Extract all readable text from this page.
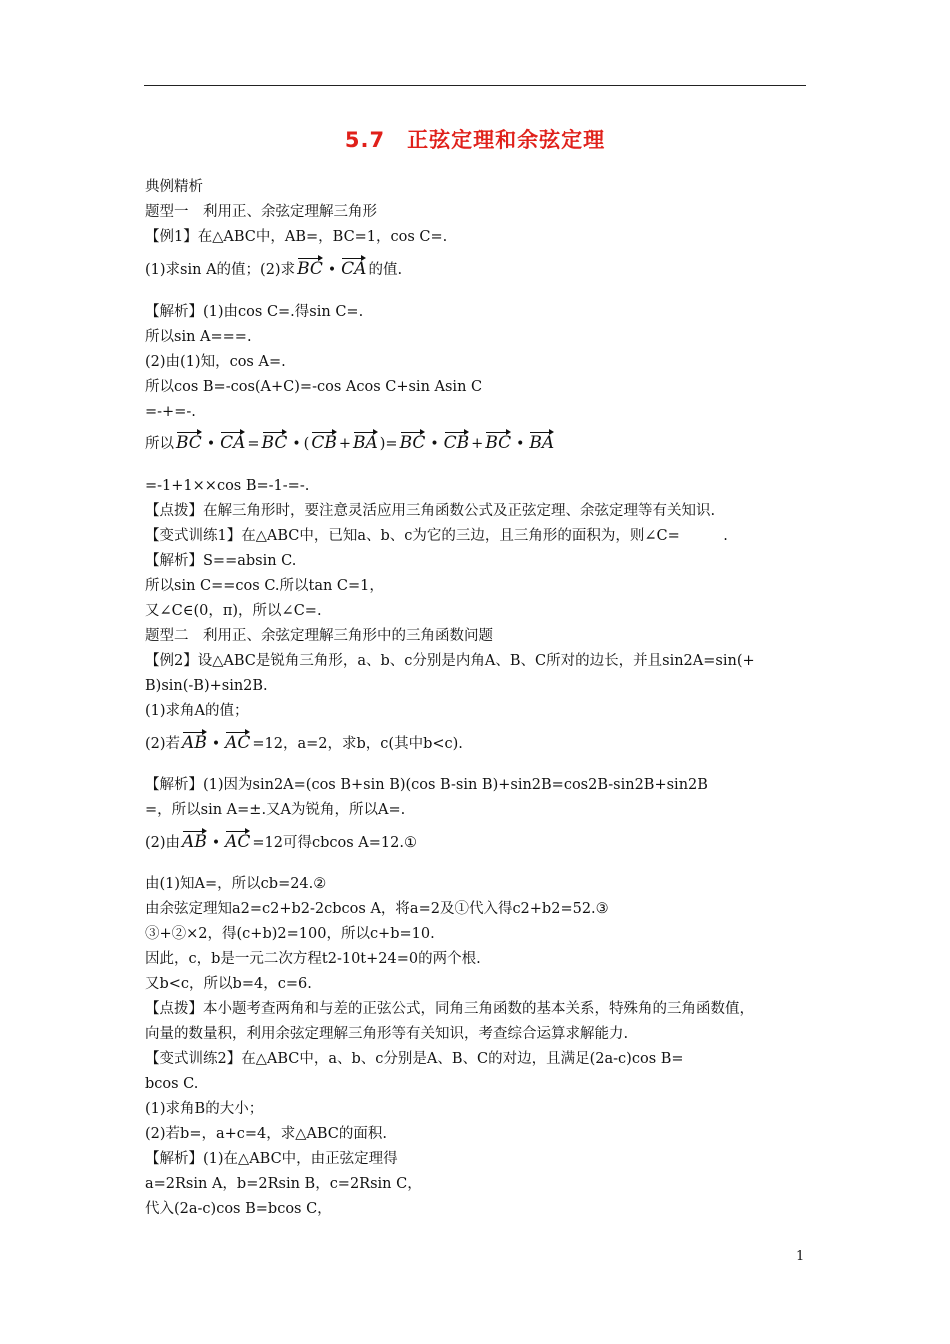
5.7　正弦定理和余弦定理
典例精析
题型一　利用正、余弦定理解三角形
【例1】在△ABC中，AB=，BC=1，cos C=.
(1)求sin A的值；(2)求 BC • CA 的值.
【解析】(1)由cos C=.得sin C=.
所以sin A===.
(2)由(1)知，cos A=.
所以cos B=-cos(A+C)=-cos Acos C+sin Asin C
=-+=-.
所以 BC • CA = BC • ( CB + BA )= BC • CB + BC • BA
=-1+1××cos B=-1-=-.
【点拨】在解三角形时，要注意灵活应用三角函数公式及正弦定理、余弦定理等有关知识.
【变式训练1】在△ABC中，已知a、b、c为它的三边，且三角形的面积为，则∠C=　　　.
【解析】S==absin C.
所以sin C==cos C.所以tan C=1，
又∠C∈(0，π)，所以∠C=.
题型二　利用正、余弦定理解三角形中的三角函数问题
【例2】设△ABC是锐角三角形，a、b、c分别是内角A、B、C所对的边长，并且sin2A=sin(+
B)sin(-B)+sin2B.
(1)求角A的值；
(2)若 AB • AC =12，a=2，求b，c(其中b<c).
【解析】(1)因为sin2A=(cos B+sin B)(cos B-sin B)+sin2B=cos2B-sin2B+sin2B
=，所以sin A=±.又A为锐角，所以A=.
(2)由 AB • AC =12可得cbcos A=12.①
由(1)知A=，所以cb=24.②
由余弦定理知a2=c2+b2-2cbcos A，将a=2及①代入得c2+b2=52.③
③+②×2，得(c+b)2=100，所以c+b=10.
因此，c，b是一元二次方程t2-10t+24=0的两个根.
又b<c，所以b=4，c=6.
【点拨】本小题考查两角和与差的正弦公式，同角三角函数的基本关系，特殊角的三角函数值，
向量的数量积，利用余弦定理解三角形等有关知识，考查综合运算求解能力.
【变式训练2】在△ABC中，a、b、c分别是A、B、C的对边，且满足(2a-c)cos B=
bcos C.
(1)求角B的大小；
(2)若b=，a+c=4，求△ABC的面积.
【解析】(1)在△ABC中，由正弦定理得
a=2Rsin A，b=2Rsin B，c=2Rsin C，
代入(2a-c)cos B=bcos C，
1
